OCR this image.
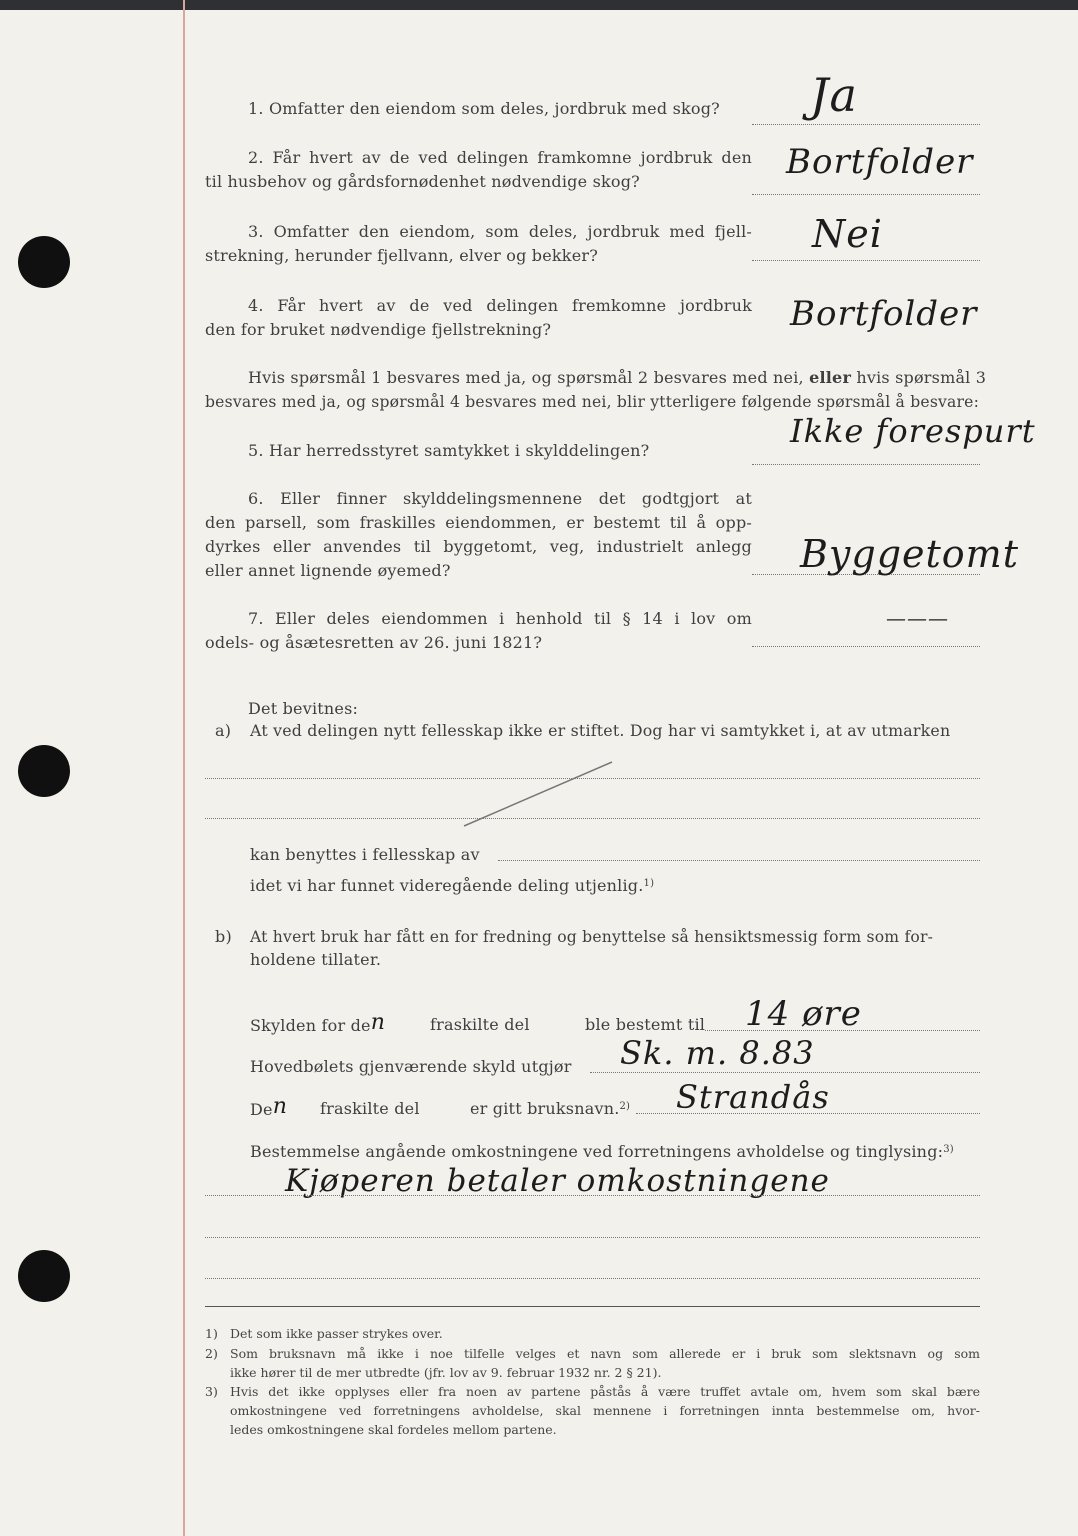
1. Omfatter den eiendom som deles, jordbruk med skog? Ja
2. Får hvert av de ved delingen framkomne jordbruk den
til husbehov og gårdsfornødenhet nødvendige skog?	Bortfolder
3. Omfatter den eiendom, som deles, jordbruk med fjell-
strekning, herunder fjellvann, elver og bekker?	Nei
4. Får hvert av de ved delingen fremkomne jordbruk
den for bruket nødvendige fjellstrekning?	Bortfolder
Hvis spørsmål 1 besvares med ja, og spørsmål 2 besvares med nei, eller hvis spørsmål 3
besvares med ja, og spørsmål 4 besvares med nei, blir ytterligere følgende spørsmål å besvare:
5. Har herredsstyret samtykket i skylddelingen?
Ikke forespurt
6. Eller finner skylddelingsmennene det godtgjort at
den parsell, som fraskilles eiendommen, er bestemt til å opp-
dyrkes eller anvendes til byggetomt, veg, industrielt anlegg
eller annet lignende øyemed?	Byggetomt
7. Eller deles eiendommen i henhold til § 14 i lov om
odels- og åsætesretten av 26. juni 1821?
———
Det bevitnes:
a) At ved delingen nytt fellesskap ikke er stiftet. Dog har vi samtykket i, at av utmarken
kan benyttes i fellesskap av
idet vi har funnet videregående deling utjenlig.$^{1)}$
b) At hvert bruk har fått en for fredning og benyttelse så hensiktsmessig form som for-
holdene tillater.
Skylden for den	fraskilte del	ble bestemt til 14 øre
Hovedbølets gjenværende skyld utgjør Sk. m. 8.83
Den fraskilte del	er gitt bruksnavn.$^{2)}$ Strandås
Bestemmelse angående omkostningene ved forretningens avholdelse og tinglysing:$^{3)}$
Kjøperen betaler omkostningene
1) Det som ikke passer strykes over.
2) Som bruksnavn må ikke i noe tilfelle velges et navn som allerede er i bruk som slektsnavn og som
ikke hører til de mer utbredte (jfr. lov av 9. februar 1932 nr. 2 § 21).
3) Hvis det ikke opplyses eller fra noen av partene påstås å være truffet avtale om, hvem som skal bære
omkostningene ved forretningens avholdelse, skal mennene i forretningen inntа bestemmelse om, hvor-
ledes omkostningene skal fordeles mellom partene.
